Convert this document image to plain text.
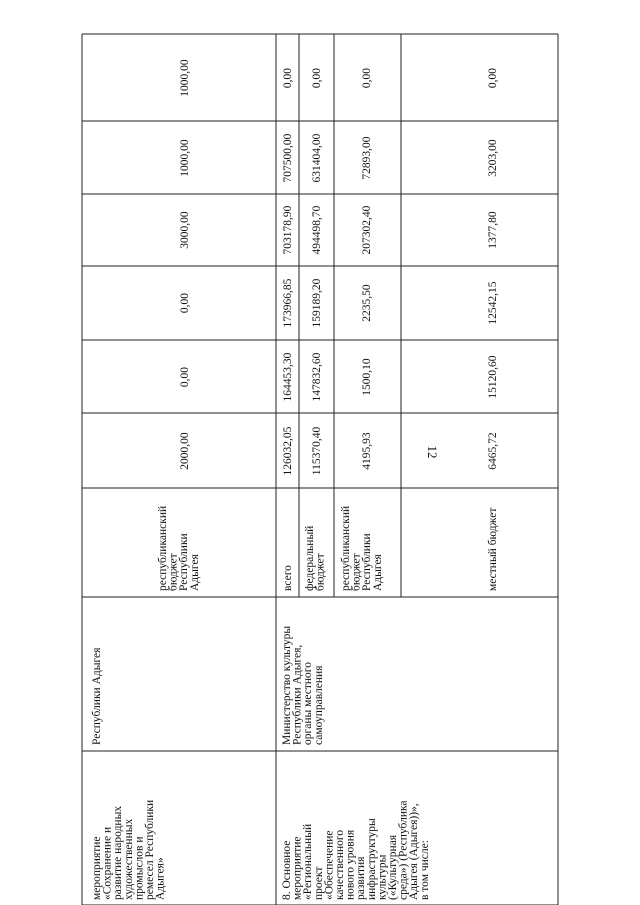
12
мероприятие
«Сохранение и
развитие народных
художественных
промыслов и
ремесел Республики
Адыгея»
Республики Адыгея
республиканский
бюджет
Республики
Адыгея
2000,00
0,00
0,00
3000,00
1000,00
1000,00
8. Основное
мероприятие
«Региональный
проект
«Обеспечение
качественного
нового уровня
развития
инфраструктуры
культуры
(«Культурная
среда») (Республика
Адыгея (Адыгея))»,
в том числе:
Министерство культуры
Республики Адыгея,
органы местного
самоуправления
всего
126032,05
164453,30
173966,85
703178,90
707500,00
0,00
федеральный
бюджет
115370,40
147832,60
159189,20
494498,70
631404,00
0,00
республиканский
бюджет
Республики
Адыгея
4195,93
1500,10
2235,50
207302,40
72893,00
0,00
местный бюджет
6465,72
15120,60
12542,15
1377,80
3203,00
0,00
